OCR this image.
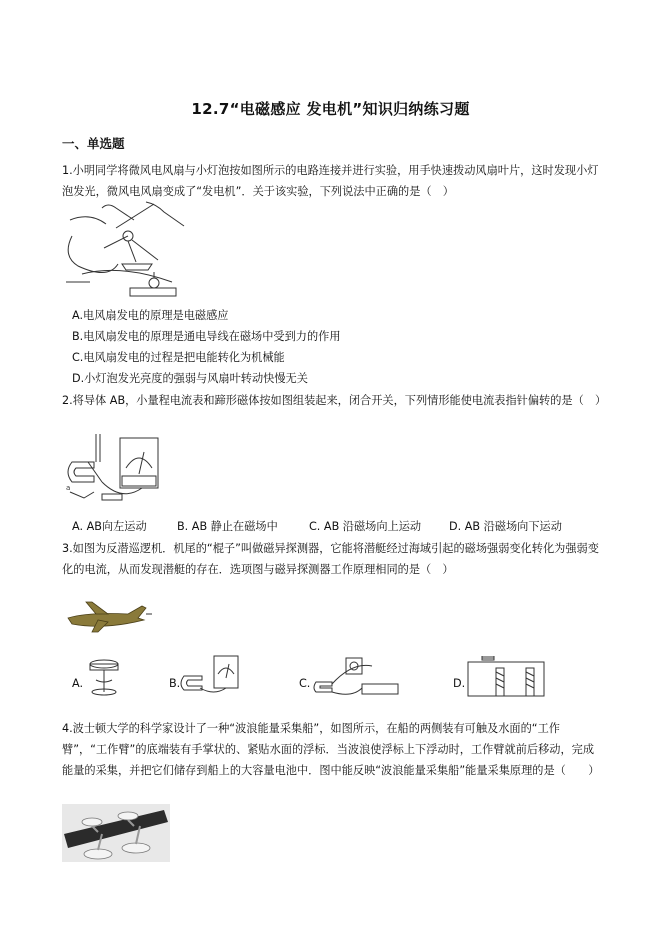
12.7“电磁感应 发电机”知识归纳练习题
一、单选题
1.小明同学将微风电风扇与小灯泡按如图所示的电路连接并进行实验，用手快速拨动风扇叶片，这时发现小灯泡发光，微风电风扇变成了“发电机”．关于该实验，下列说法中正确的是（　）
A.电风扇发电的原理是电磁感应
B.电风扇发电的原理是通电导线在磁场中受到力的作用
C.电风扇发电的过程是把电能转化为机械能
D.小灯泡发光亮度的强弱与风扇叶转动快慢无关
2.将导体 AB，小量程电流表和蹄形磁体按如图组装起来，闭合开关，下列情形能使电流表指针偏转的是（　）
a
A. AB向左运动	B. AB 静止在磁场中	C. AB 沿磁场向上运动 D. AB 沿磁场向下运动
3.如图为反潜巡逻机．机尾的“棍子”叫做磁异探测器，它能将潜艇经过海域引起的磁场强弱变化转化为强弱变化的电流，从而发现潜艇的存在．选项图与磁异探测器工作原理相同的是（　）
A.	B.	C.	D.
4.波士顿大学的科学家设计了一种“波浪能量采集船”，如图所示，在船的两侧装有可触及水面的“工作臂”，“工作臂”的底端装有手掌状的、紧贴水面的浮标．当波浪使浮标上下浮动时，工作臂就前后移动，完成能量的采集，并把它们储存到船上的大容量电池中．图中能反映“波浪能量采集船”能量采集原理的是（　　）
